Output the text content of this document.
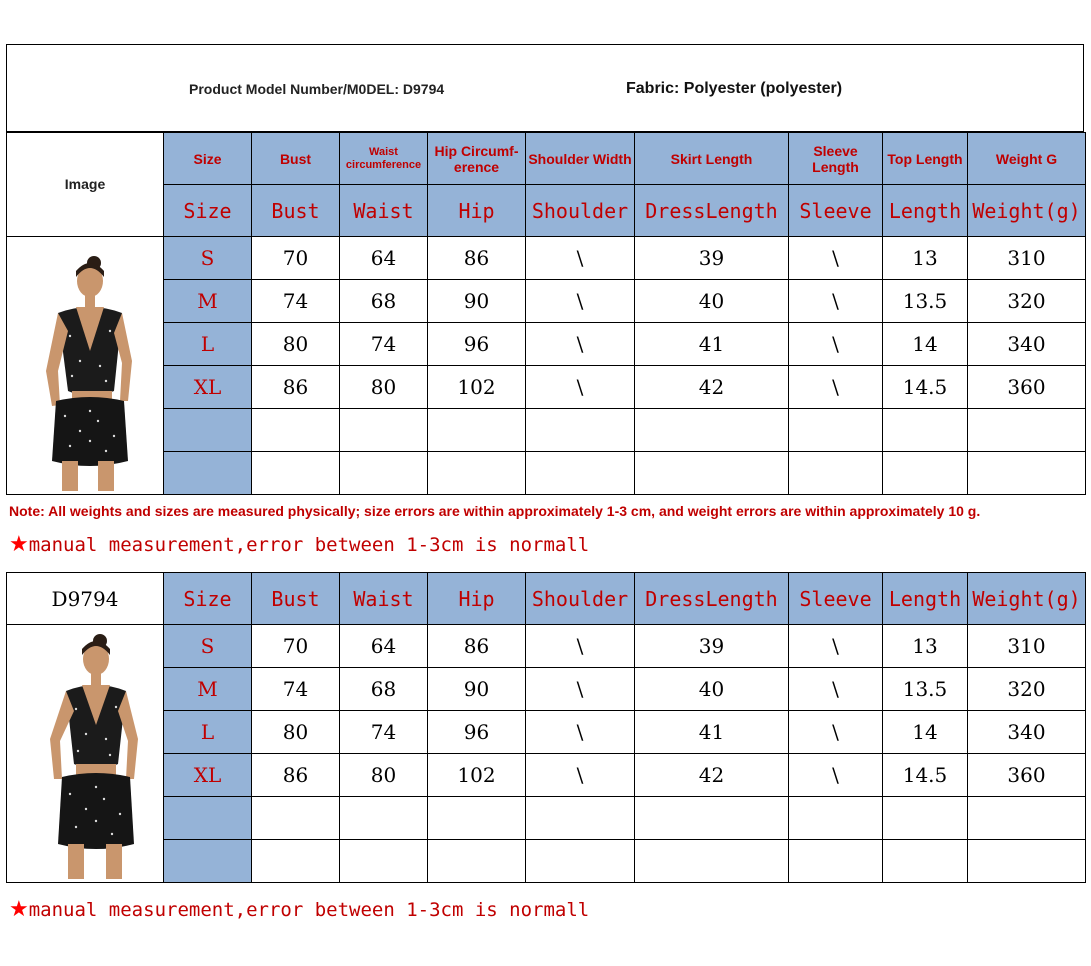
Product Model Number/M0DEL: D9794	Fabric: Polyester (polyester)
Image	Size	Bust	Waist circumference	Hip Circumf- erence	Shoulder Width	Skirt Length	Sleeve Length	Top Length	Weight G
	Size	Bust	Waist	Hip	Shoulder	DressLength	Sleeve	Length	Weight(g)

	S	70	64	86	\	39	\	13	310
	M	74	68	90	\	40	\	13.5	320
	L	80	74	96	\	41	\	14	340
	XL	86	80	102	\	42	\	14.5	360

Note: All weights and sizes are measured physically; size errors are within approximately 1-3 cm, and weight errors are within approximately 10 g.
★manual measurement,error between 1-3cm is normall
D9794	Size	Bust	Waist	Hip	Shoulder	DressLength	Sleeve	Length	Weight(g)

	S	70	64	86	\	39	\	13	310
	M	74	68	90	\	40	\	13.5	320
	L	80	74	96	\	41	\	14	340
	XL	86	80	102	\	42	\	14.5	360

★manual measurement,error between 1-3cm is normall
